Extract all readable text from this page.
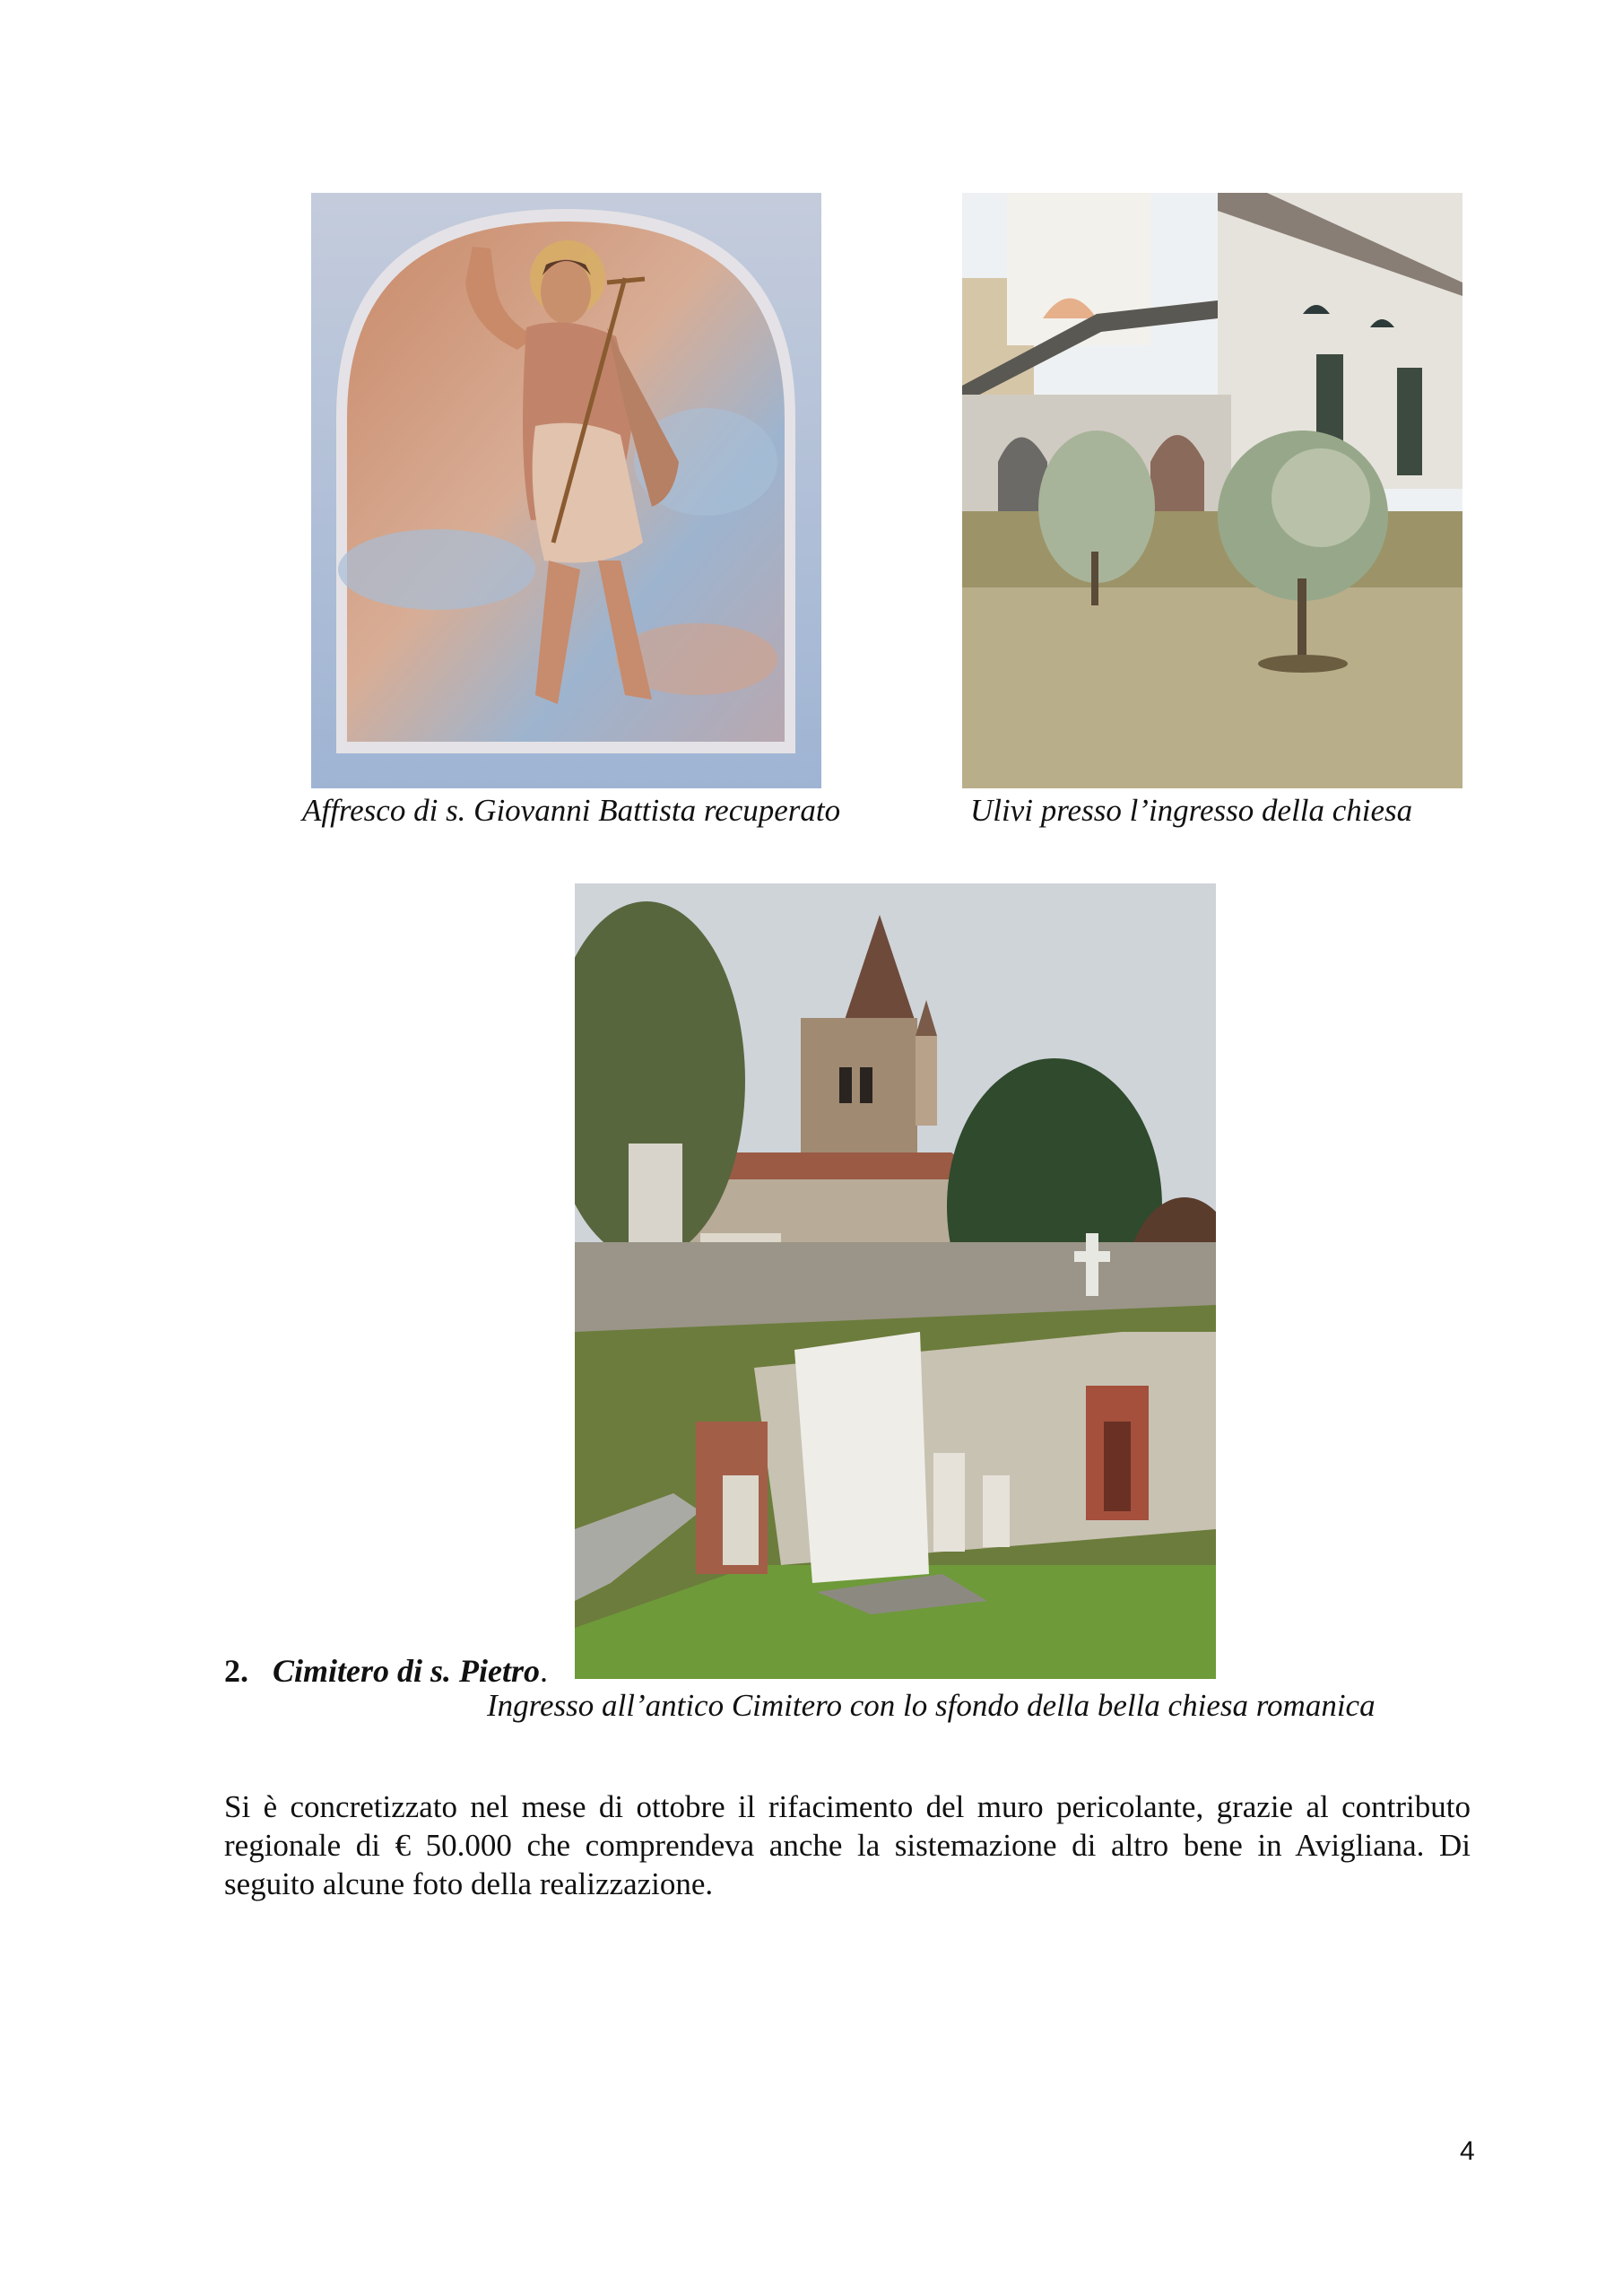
Affresco di s. Giovanni Battista recuperato	Ulivi presso l’ingresso della chiesa
2. Cimitero di s. Pietro.
Ingresso all’antico Cimitero con lo sfondo della bella chiesa romanica

Si è concretizzato nel mese di ottobre il rifacimento del muro pericolante, grazie al contributo regionale di € 50.000 che comprendeva anche la sistemazione di altro bene in Avigliana. Di seguito alcune foto della realizzazione.

4
